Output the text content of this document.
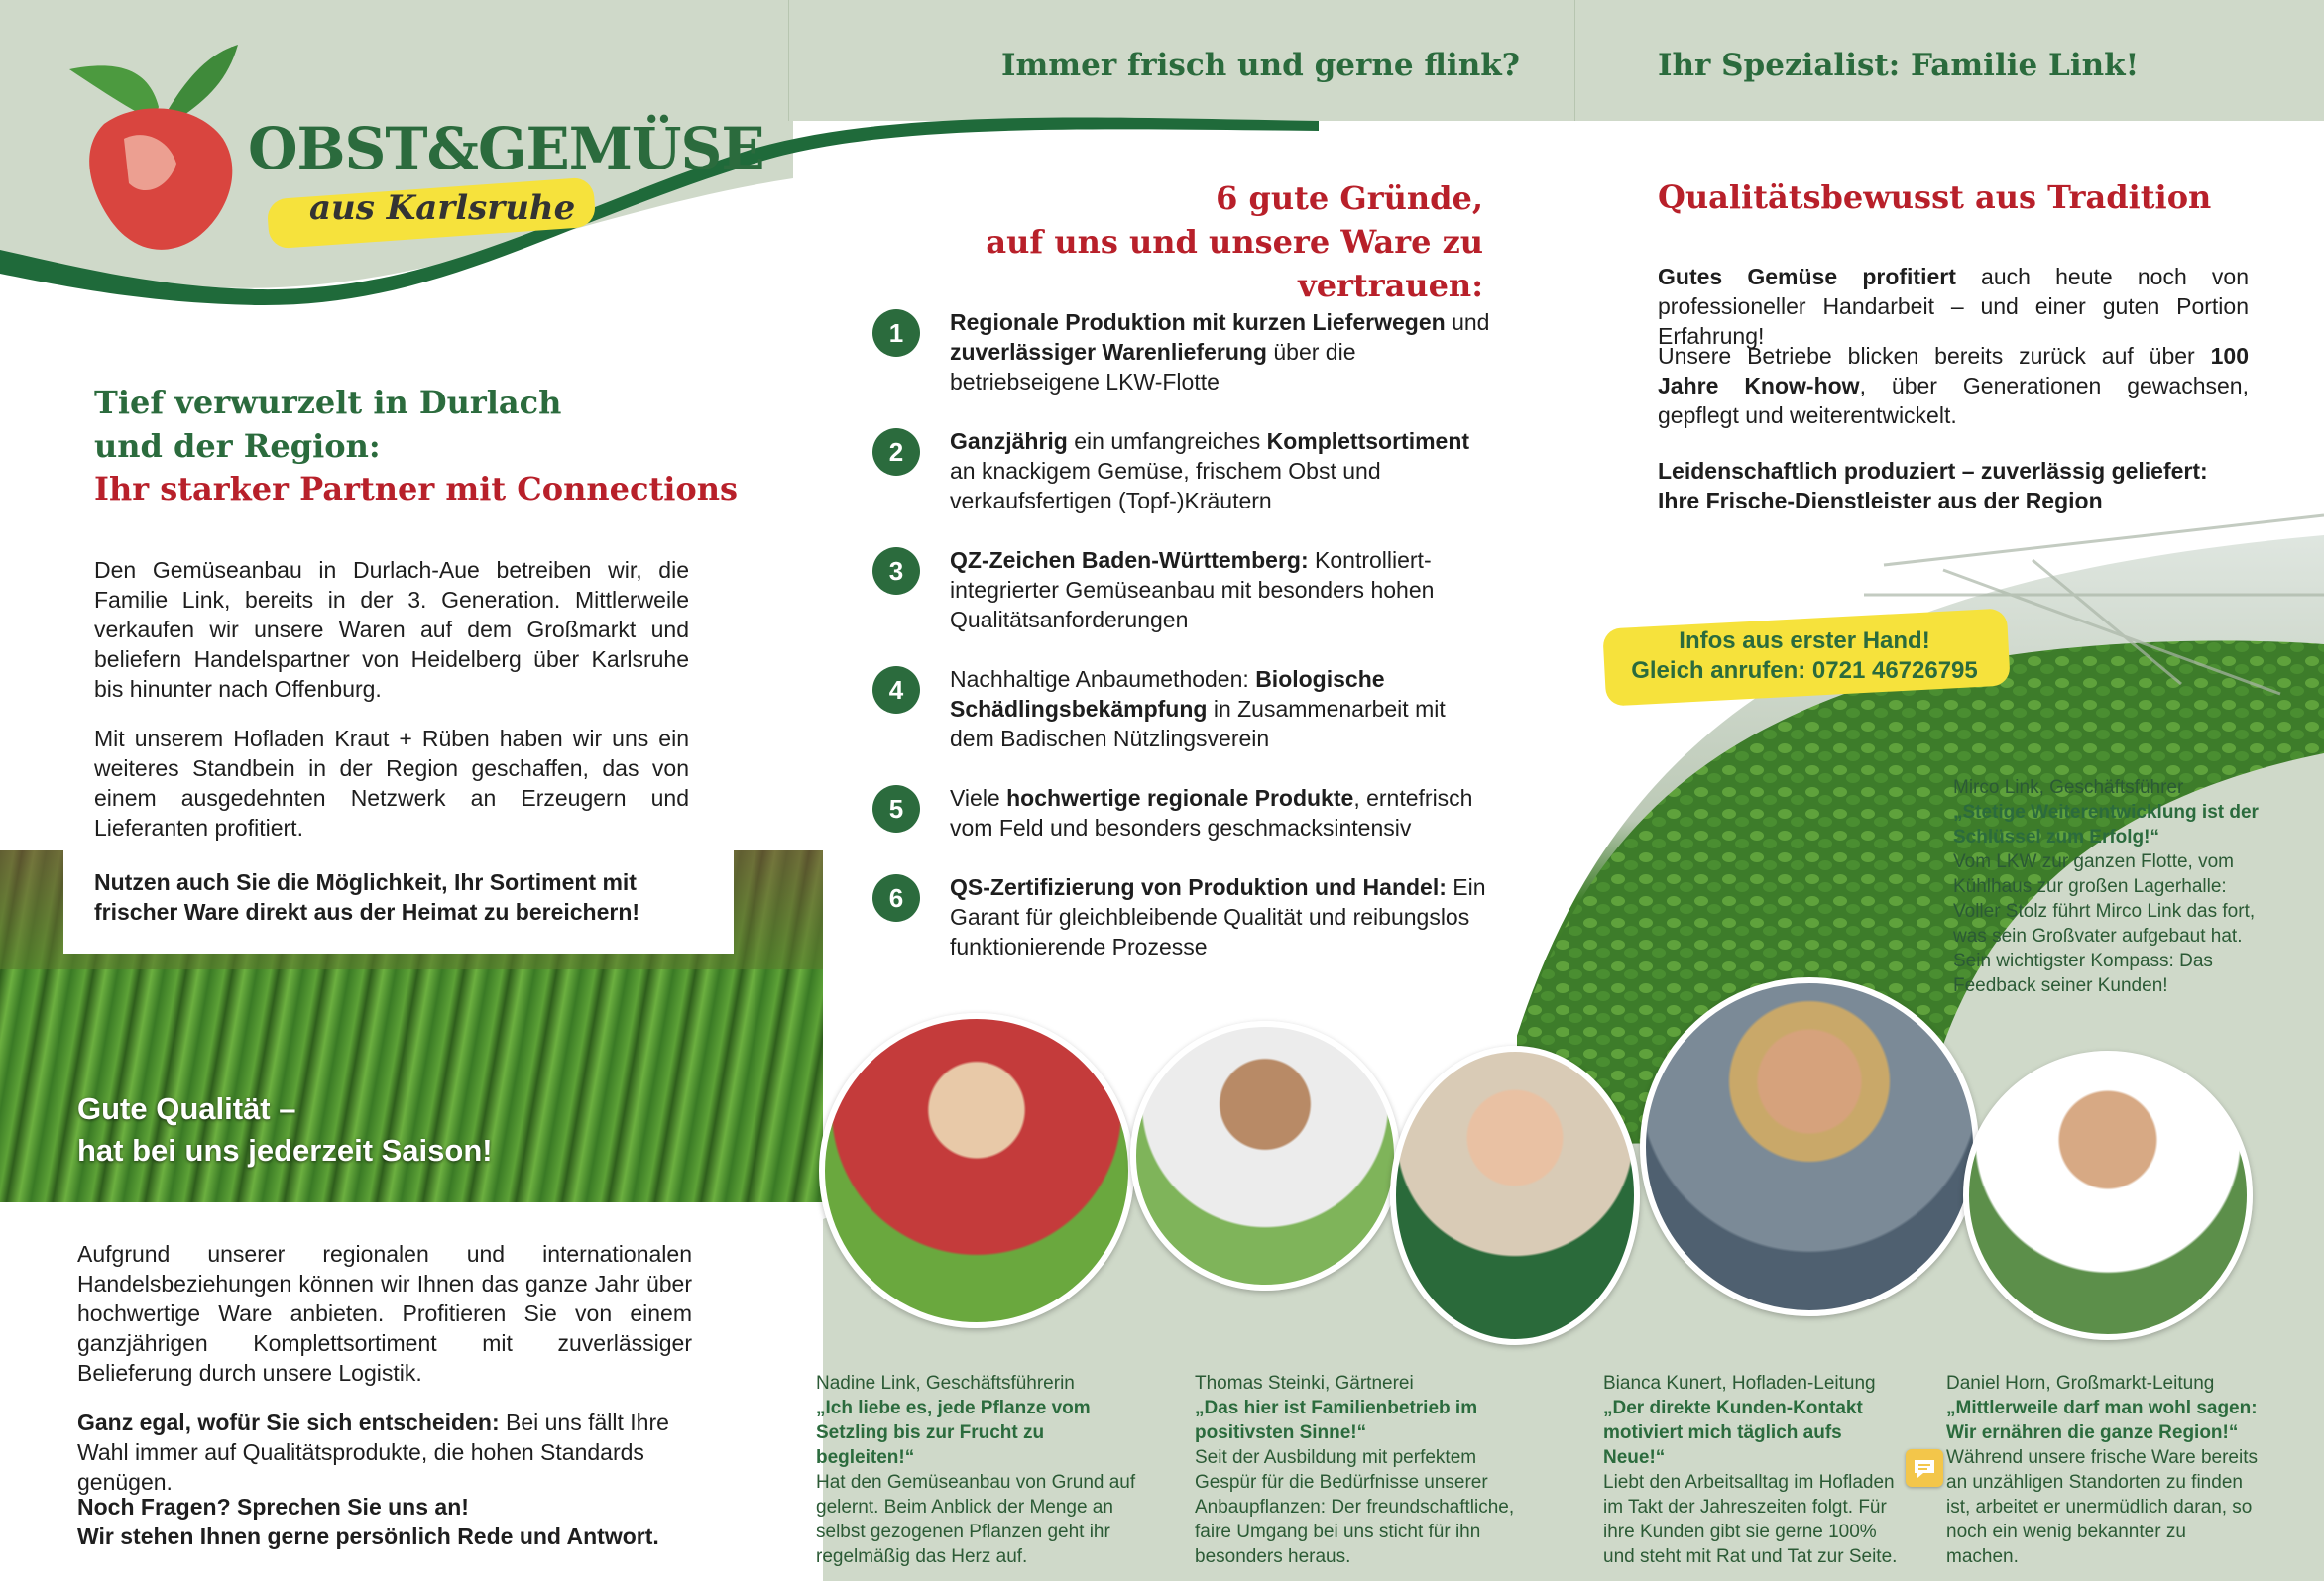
OBST&GEMÜSE
aus Karlsruhe
Tief verwurzelt in Durlach
und der Region:
Ihr starker Partner mit Connections
Den Gemüseanbau in Durlach-Aue betreiben wir, die Familie Link, bereits in der 3. Generation. Mittlerweile verkaufen wir unsere Waren auf dem Großmarkt und beliefern Handelspartner von Heidelberg über Karlsruhe bis hinunter nach Offenburg.
Mit unserem Hofladen Kraut + Rüben haben wir uns ein weiteres Standbein in der Region geschaffen, das von einem ausgedehnten Netzwerk an Erzeugern und Lieferanten profitiert.
Nutzen auch Sie die Möglichkeit, Ihr Sortiment mit frischer Ware direkt aus der Heimat zu bereichern!
Gute Qualität –
hat bei uns jederzeit Saison!
Aufgrund unserer regionalen und internationalen Handelsbeziehungen können wir Ihnen das ganze Jahr über hochwertige Ware anbieten. Profitieren Sie von einem ganzjährigen Komplettsortiment mit zuverlässiger Belieferung durch unsere Logistik.
Ganz egal, wofür Sie sich entscheiden: Bei uns fällt Ihre Wahl immer auf Qualitätsprodukte, die hohen Standards genügen.
Noch Fragen? Sprechen Sie uns an!
Wir stehen Ihnen gerne persönlich Rede und Antwort.
Immer frisch und gerne flink?
6 gute Gründe,
auf uns und unsere Ware zu vertrauen:
1	Regionale Produktion mit kurzen Lieferwegen und zuverlässiger Warenlieferung über die betriebseigene LKW-Flotte
2	Ganzjährig ein umfangreiches Komplettsortiment an knackigem Gemüse, frischem Obst und verkaufsfertigen (Topf-)Kräutern
3	QZ-Zeichen Baden-Württemberg: Kontrolliert-integrierter Gemüseanbau mit besonders hohen Qualitätsanforderungen
4	Nachhaltige Anbaumethoden: Biologische Schädlingsbekämpfung in Zusammenarbeit mit dem Badischen Nützlingsverein
5	Viele hochwertige regionale Produkte, erntefrisch vom Feld und besonders geschmacksintensiv
6	QS-Zertifizierung von Produktion und Handel: Ein Garant für gleichbleibende Qualität und reibungslos funktionierende Prozesse
Ihr Spezialist: Familie Link!
Qualitätsbewusst aus Tradition
Gutes Gemüse profitiert auch heute noch von professioneller Handarbeit – und einer guten Portion Erfahrung!
Unsere Betriebe blicken bereits zurück auf über 100 Jahre Know-how, über Generationen gewachsen, gepflegt und weiterentwickelt.
Leidenschaftlich produziert – zuverlässig geliefert:
Ihre Frische-Dienstleister aus der Region
Infos aus erster Hand!
Gleich anrufen: 0721 46726795
Mirco Link, Geschäftsführer
„Stetige Weiterentwicklung ist der Schlüssel zum Erfolg!“
Vom LKW zur ganzen Flotte, vom Kühlhaus zur großen Lagerhalle: Voller Stolz führt Mirco Link das fort, was sein Großvater aufgebaut hat. Sein wichtigster Kompass: Das Feedback seiner Kunden!
Nadine Link, Geschäftsführerin
„Ich liebe es, jede Pflanze vom Setzling bis zur Frucht zu begleiten!“
Hat den Gemüseanbau von Grund auf gelernt. Beim Anblick der Menge an selbst gezogenen Pflanzen geht ihr regelmäßig das Herz auf.
Thomas Steinki, Gärtnerei
„Das hier ist Familienbetrieb im positivsten Sinne!“
Seit der Ausbildung mit perfektem Gespür für die Bedürfnisse unserer Anbaupflanzen: Der freundschaftliche, faire Umgang bei uns sticht für ihn besonders heraus.
Bianca Kunert, Hofladen-Leitung
„Der direkte Kunden-Kontakt motiviert mich täglich aufs Neue!“
Liebt den Arbeitsalltag im Hofladen im Takt der Jahreszeiten folgt. Für ihre Kunden gibt sie gerne 100% und steht mit Rat und Tat zur Seite.
Daniel Horn, Großmarkt-Leitung
„Mittlerweile darf man wohl sagen: Wir ernähren die ganze Region!“
Während unsere frische Ware bereits an unzähligen Standorten zu finden ist, arbeitet er unermüdlich daran, so noch ein wenig bekannter zu machen.
